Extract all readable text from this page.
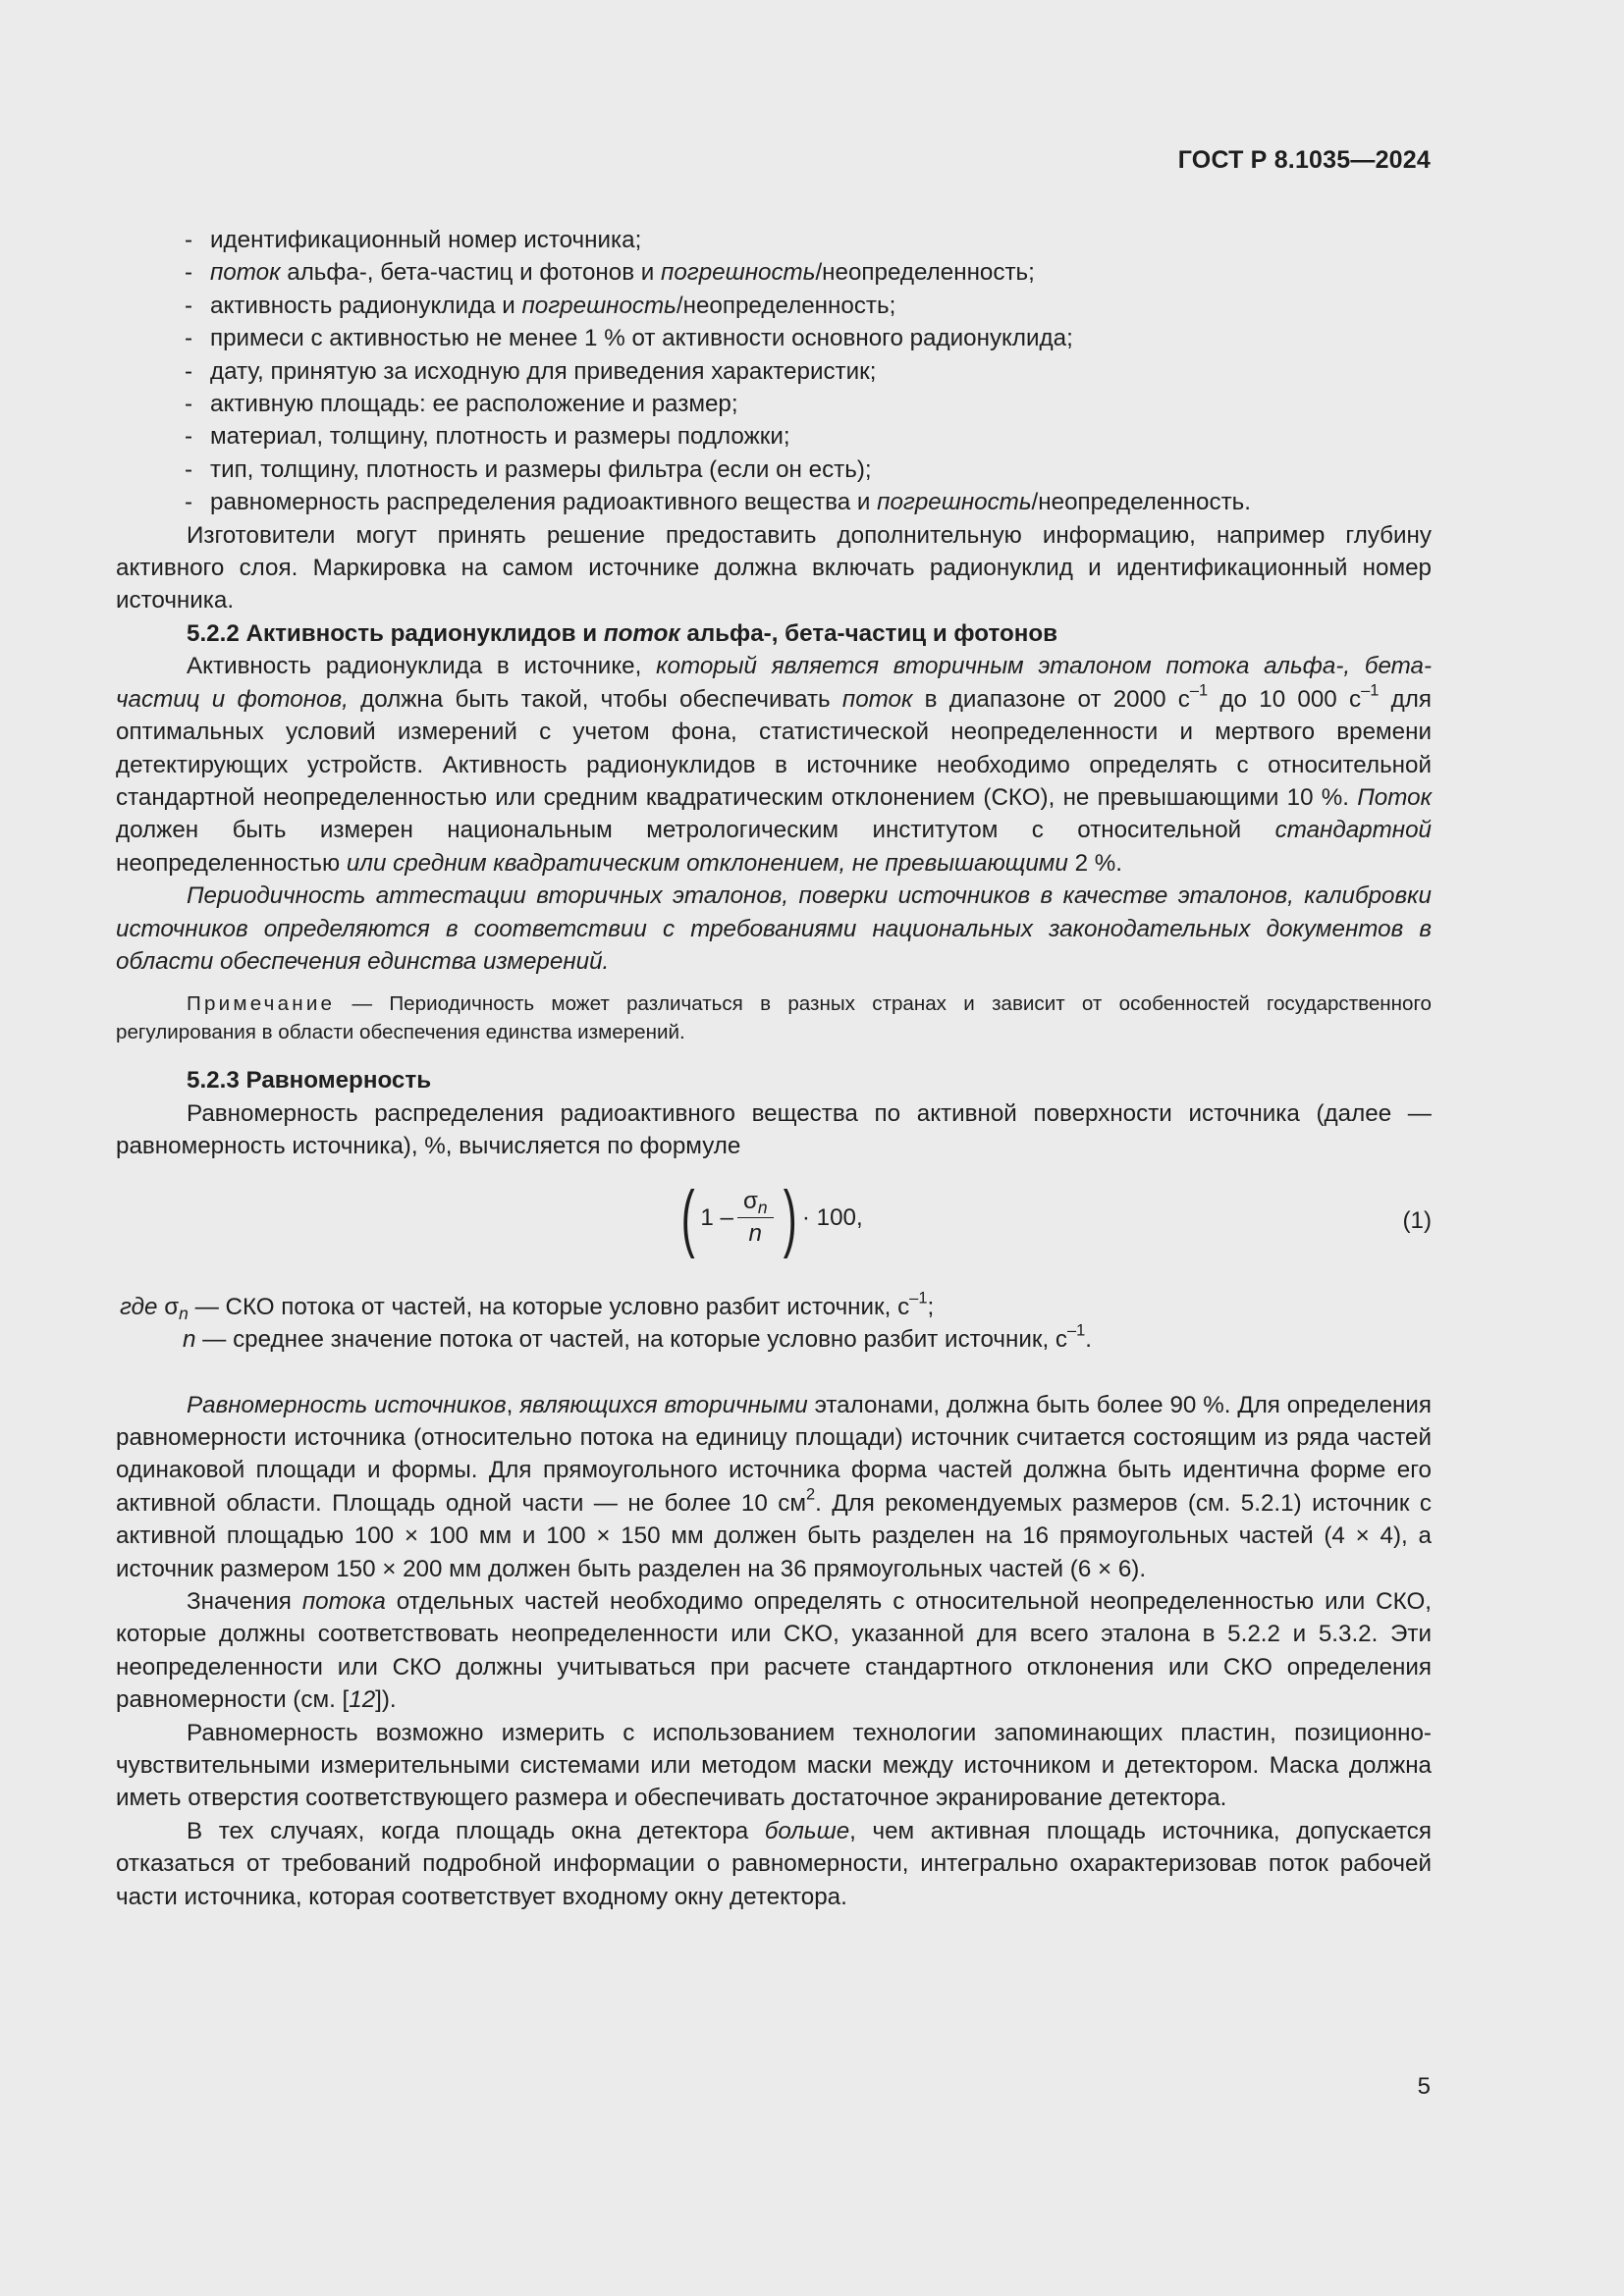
ГОСТ Р 8.1035—2024
- идентификационный номер источника;
- поток альфа-, бета-частиц и фотонов и погрешность/неопределенность;
- активность радионуклида и погрешность/неопределенность;
- примеси с активностью не менее 1 % от активности основного радионуклида;
- дату, принятую за исходную для приведения характеристик;
- активную площадь: ее расположение и размер;
- материал, толщину, плотность и размеры подложки;
- тип, толщину, плотность и размеры фильтра (если он есть);
- равномерность распределения радиоактивного вещества и погрешность/неопределенность.

Изготовители могут принять решение предоставить дополнительную информацию, например глубину активного слоя. Маркировка на самом источнике должна включать радионуклид и идентификационный номер источника.

5.2.2 Активность радионуклидов и поток альфа-, бета-частиц и фотонов

Активность радионуклида в источнике, который является вторичным эталоном потока альфа-, бета-частиц и фотонов, должна быть такой, чтобы обеспечивать поток в диапазоне от 2000 $с^{-1}$ до 10 000 $с^{-1}$ для оптимальных условий измерений с учетом фона, статистической неопределенности и мертвого времени детектирующих устройств. Активность радионуклидов в источнике необходимо определять с относительной стандартной неопределенностью или средним квадратическим отклонением (СКО), не превышающими 10 %. Поток должен быть измерен национальным метрологическим институтом с относительной стандартной неопределенностью или средним квадратическим отклонением, не превышающими 2 %.

Периодичность аттестации вторичных эталонов, поверки источников в качестве эталонов, калибровки источников определяются в соответствии с требованиями национальных законодательных документов в области обеспечения единства измерений.

Примечание — Периодичность может различаться в разных странах и зависит от особенностей государственного регулирования в области обеспечения единства измерений.

5.2.3 Равномерность

Равномерность распределения радиоактивного вещества по активной поверхности источника (далее — равномерность источника), %, вычисляется по формуле

( $1 - \frac{\sigma_n}{n}$ ) · 100,	(1)
где $\sigma_n$ — СКО потока от частей, на которые условно разбит источник, $с^{-1}$;
n — среднее значение потока от частей, на которые условно разбит источник, $с^{-1}$.

Равномерность источников, являющихся вторичными эталонами, должна быть более 90 %. Для определения равномерности источника (относительно потока на единицу площади) источник считается состоящим из ряда частей одинаковой площади и формы. Для прямоугольного источника форма частей должна быть идентична форме его активной области. Площадь одной части — не более 10 $см^2$. Для рекомендуемых размеров (см. 5.2.1) источник с активной площадью 100 × 100 мм и 100 × 150 мм должен быть разделен на 16 прямоугольных частей (4 × 4), а источник размером 150 × 200 мм должен быть разделен на 36 прямоугольных частей (6 × 6).

Значения потока отдельных частей необходимо определять с относительной неопределенностью или СКО, которые должны соответствовать неопределенности или СКО, указанной для всего эталона в 5.2.2 и 5.3.2. Эти неопределенности или СКО должны учитываться при расчете стандартного отклонения или СКО определения равномерности (см. [12]).

Равномерность возможно измерить с использованием технологии запоминающих пластин, позиционно-чувствительными измерительными системами или методом маски между источником и детектором. Маска должна иметь отверстия соответствующего размера и обеспечивать достаточное экранирование детектора.

В тех случаях, когда площадь окна детектора больше, чем активная площадь источника, допускается отказаться от требований подробной информации о равномерности, интегрально охарактеризовав поток рабочей части источника, которая соответствует входному окну детектора.

5
